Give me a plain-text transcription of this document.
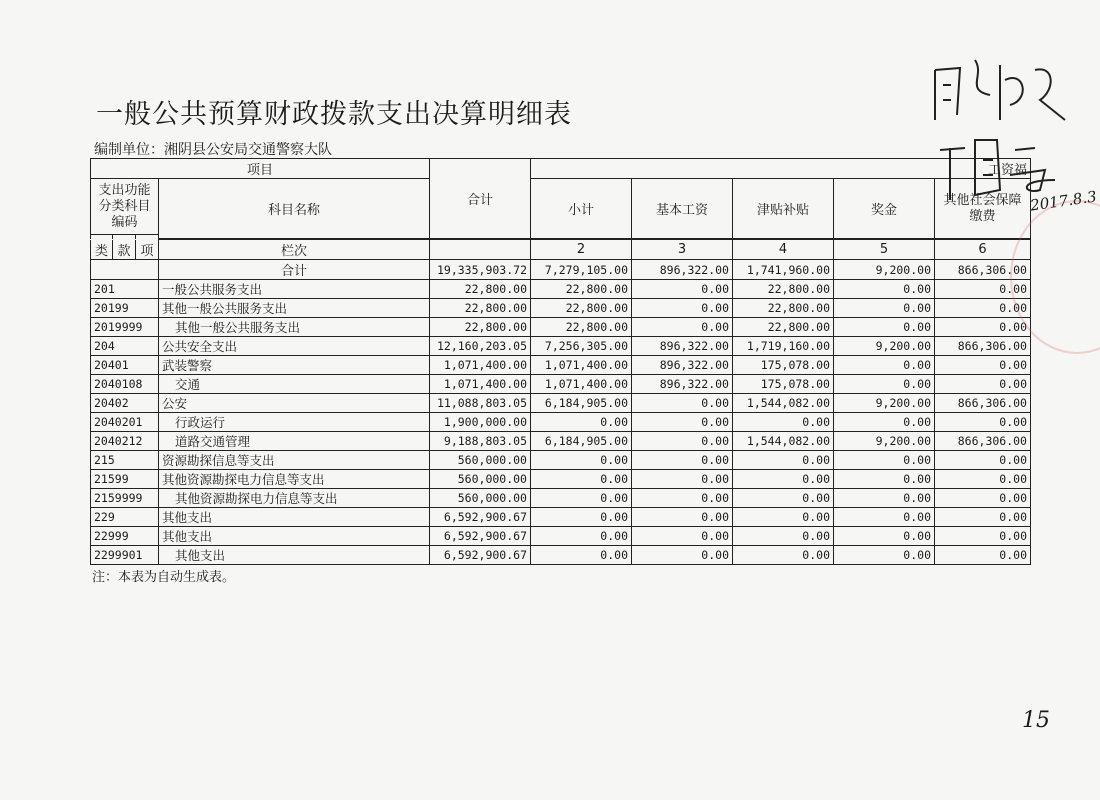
一般公共预算财政拨款支出决算明细表
编制单位：湘阴县公安局交通警察大队
项目				合计	工资福				
支出功能分类科目编码			科目名称		小计	基本工资	津贴补贴	奖金	其他社会保障缴费

类	款	项	栏次		2	3	4	5	6
			合计	19,335,903.72	7,279,105.00	896,322.00	1,741,960.00	9,200.00	866,306.00
201			一般公共服务支出	22,800.00	22,800.00	0.00	22,800.00	0.00	0.00
20199			其他一般公共服务支出	22,800.00	22,800.00	0.00	22,800.00	0.00	0.00
2019999			其他一般公共服务支出	22,800.00	22,800.00	0.00	22,800.00	0.00	0.00
204			公共安全支出	12,160,203.05	7,256,305.00	896,322.00	1,719,160.00	9,200.00	866,306.00
20401			武装警察	1,071,400.00	1,071,400.00	896,322.00	175,078.00	0.00	0.00
2040108			交通	1,071,400.00	1,071,400.00	896,322.00	175,078.00	0.00	0.00
20402			公安	11,088,803.05	6,184,905.00	0.00	1,544,082.00	9,200.00	866,306.00
2040201			行政运行	1,900,000.00	0.00	0.00	0.00	0.00	0.00
2040212			道路交通管理	9,188,803.05	6,184,905.00	0.00	1,544,082.00	9,200.00	866,306.00
215			资源勘探信息等支出	560,000.00	0.00	0.00	0.00	0.00	0.00
21599			其他资源勘探电力信息等支出	560,000.00	0.00	0.00	0.00	0.00	0.00
2159999			其他资源勘探电力信息等支出	560,000.00	0.00	0.00	0.00	0.00	0.00
229			其他支出	6,592,900.67	0.00	0.00	0.00	0.00	0.00
22999			其他支出	6,592,900.67	0.00	0.00	0.00	0.00	0.00
2299901			其他支出	6,592,900.67	0.00	0.00	0.00	0.00	0.00
注：本表为自动生成表。
15
2017.8.3
